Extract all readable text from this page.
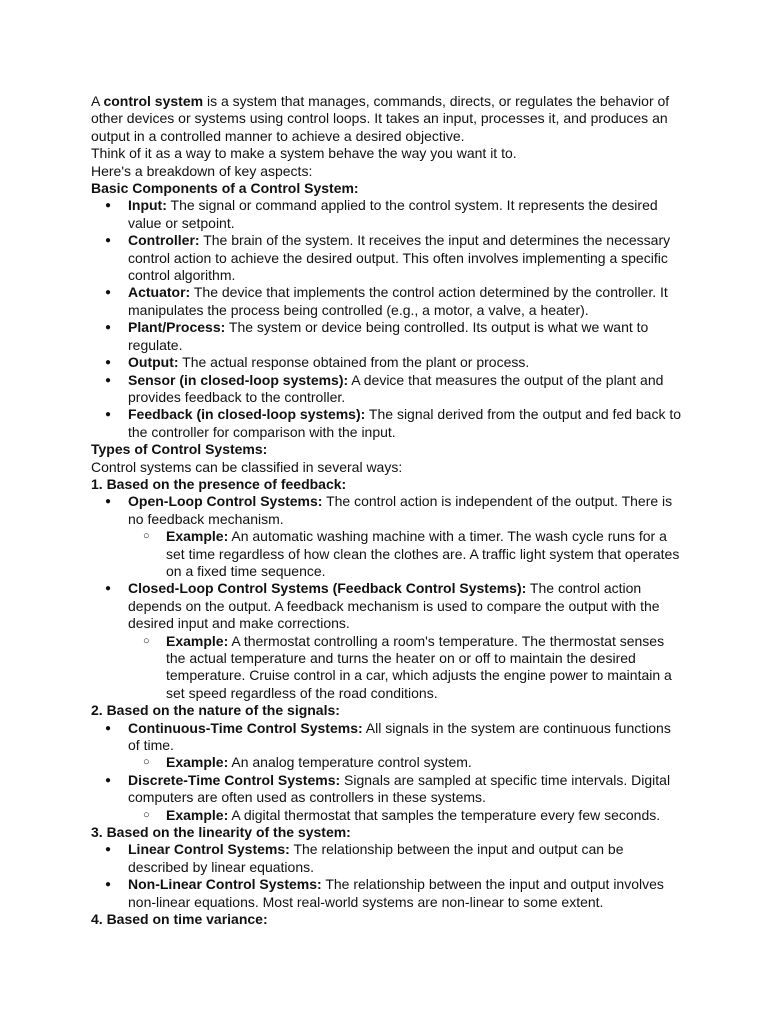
A control system is a system that manages, commands, directs, or regulates the behavior of other devices or systems using control loops. It takes an input, processes it, and produces an output in a controlled manner to achieve a desired objective.

Think of it as a way to make a system behave the way you want it to.

Here's a breakdown of key aspects:

Basic Components of a Control System:

● Input: The signal or command applied to the control system. It represents the desired value or setpoint.
● Controller: The brain of the system. It receives the input and determines the necessary control action to achieve the desired output. This often involves implementing a specific control algorithm.
● Actuator: The device that implements the control action determined by the controller. It manipulates the process being controlled (e.g., a motor, a valve, a heater).
● Plant/Process: The system or device being controlled. Its output is what we want to regulate.
● Output: The actual response obtained from the plant or process.
● Sensor (in closed-loop systems): A device that measures the output of the plant and provides feedback to the controller.
● Feedback (in closed-loop systems): The signal derived from the output and fed back to the controller for comparison with the input.

Types of Control Systems:

Control systems can be classified in several ways:

1. Based on the presence of feedback:

● Open-Loop Control Systems: The control action is independent of the output. There is no feedback mechanism.
○ Example: An automatic washing machine with a timer. The wash cycle runs for a set time regardless of how clean the clothes are. A traffic light system that operates on a fixed time sequence.
● Closed-Loop Control Systems (Feedback Control Systems): The control action depends on the output. A feedback mechanism is used to compare the output with the desired input and make corrections.
○ Example: A thermostat controlling a room's temperature. The thermostat senses the actual temperature and turns the heater on or off to maintain the desired temperature. Cruise control in a car, which adjusts the engine power to maintain a set speed regardless of the road conditions.

2. Based on the nature of the signals:

● Continuous-Time Control Systems: All signals in the system are continuous functions of time.
○ Example: An analog temperature control system.
● Discrete-Time Control Systems: Signals are sampled at specific time intervals. Digital computers are often used as controllers in these systems.
○ Example: A digital thermostat that samples the temperature every few seconds.

3. Based on the linearity of the system:

● Linear Control Systems: The relationship between the input and output can be described by linear equations.
● Non-Linear Control Systems: The relationship between the input and output involves non-linear equations. Most real-world systems are non-linear to some extent.

4. Based on time variance:
